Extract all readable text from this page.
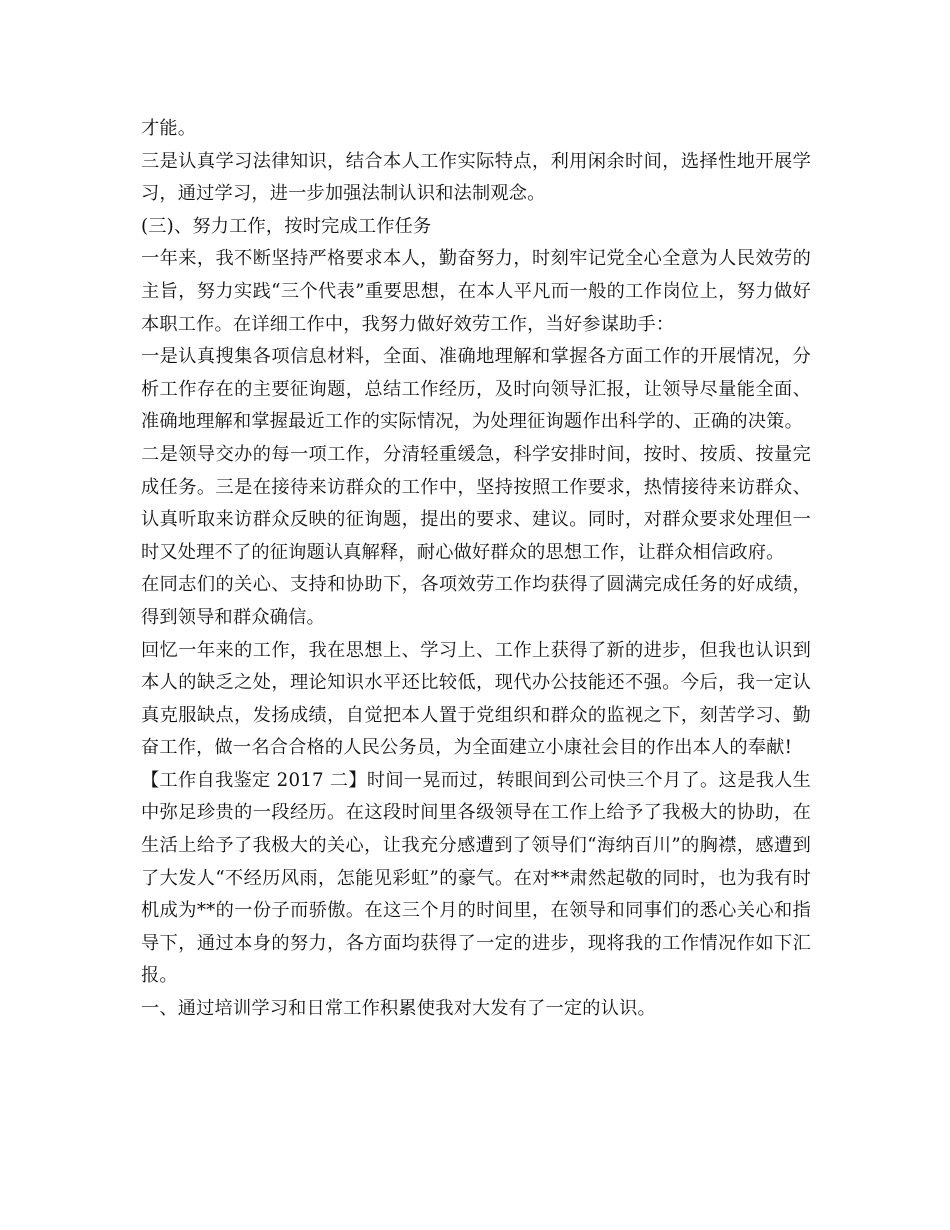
才能。

三是认真学习法律知识，结合本人工作实际特点，利用闲余时间，选择性地开展学习，通过学习，进一步加强法制认识和法制观念。

(三)、努力工作，按时完成工作任务

一年来，我不断坚持严格要求本人，勤奋努力，时刻牢记党全心全意为人民效劳的主旨，努力实践“三个代表”重要思想，在本人平凡而一般的工作岗位上，努力做好本职工作。在详细工作中，我努力做好效劳工作，当好参谋助手：

一是认真搜集各项信息材料，全面、准确地理解和掌握各方面工作的开展情况，分析工作存在的主要征询题，总结工作经历，及时向领导汇报，让领导尽量能全面、准确地理解和掌握最近工作的实际情况，为处理征询题作出科学的、正确的决策。

二是领导交办的每一项工作，分清轻重缓急，科学安排时间，按时、按质、按量完成任务。三是在接待来访群众的工作中，坚持按照工作要求，热情接待来访群众、认真听取来访群众反映的征询题，提出的要求、建议。同时，对群众要求处理但一时又处理不了的征询题认真解释，耐心做好群众的思想工作，让群众相信政府。

在同志们的关心、支持和协助下，各项效劳工作均获得了圆满完成任务的好成绩，得到领导和群众确信。

回忆一年来的工作，我在思想上、学习上、工作上获得了新的进步，但我也认识到本人的缺乏之处，理论知识水平还比较低，现代办公技能还不强。今后，我一定认真克服缺点，发扬成绩，自觉把本人置于党组织和群众的监视之下，刻苦学习、勤奋工作，做一名合合格的人民公务员，为全面建立小康社会目的作出本人的奉献!

【工作自我鉴定 2017 二】时间一晃而过，转眼间到公司快三个月了。这是我人生中弥足珍贵的一段经历。在这段时间里各级领导在工作上给予了我极大的协助，在生活上给予了我极大的关心，让我充分感遭到了领导们“海纳百川”的胸襟，感遭到了大发人“不经历风雨，怎能见彩虹”的豪气。在对**肃然起敬的同时，也为我有时机成为**的一份子而骄傲。在这三个月的时间里，在领导和同事们的悉心关心和指导下，通过本身的努力，各方面均获得了一定的进步，现将我的工作情况作如下汇报。

一、通过培训学习和日常工作积累使我对大发有了一定的认识。
